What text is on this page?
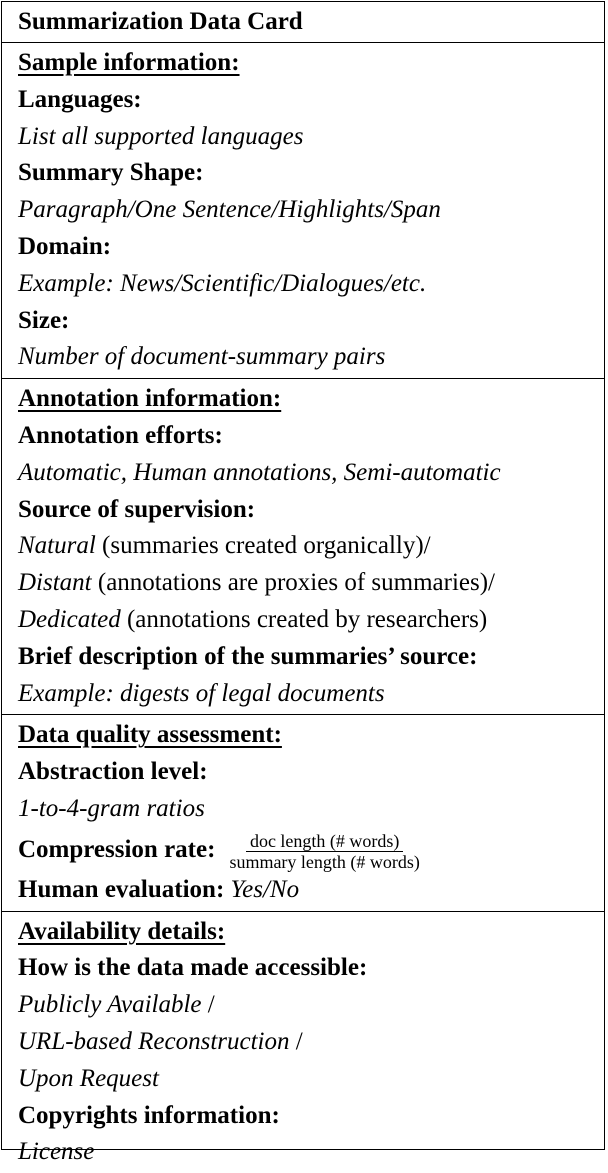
Summarization Data Card
Sample information:
Languages:
List all supported languages
Summary Shape:
Paragraph/One Sentence/Highlights/Span
Domain:
Example: News/Scientific/Dialogues/etc.
Size:
Number of document-summary pairs
Annotation information:
Annotation efforts:
Automatic, Human annotations, Semi-automatic
Source of supervision:
Natural (summaries created organically)/
Distant (annotations are proxies of summaries)/
Dedicated (annotations created by researchers)
Brief description of the summaries’ source:
Example: digests of legal documents
Data quality assessment:
Abstraction level:
1-to-4-gram ratios
Compression rate: $\frac{\text{doc length (\# words)}}{\text{summary length (\# words)}}$
Human evaluation: Yes/No
Availability details:
How is the data made accessible:
Publicly Available /
URL-based Reconstruction /
Upon Request
Copyrights information:
License
